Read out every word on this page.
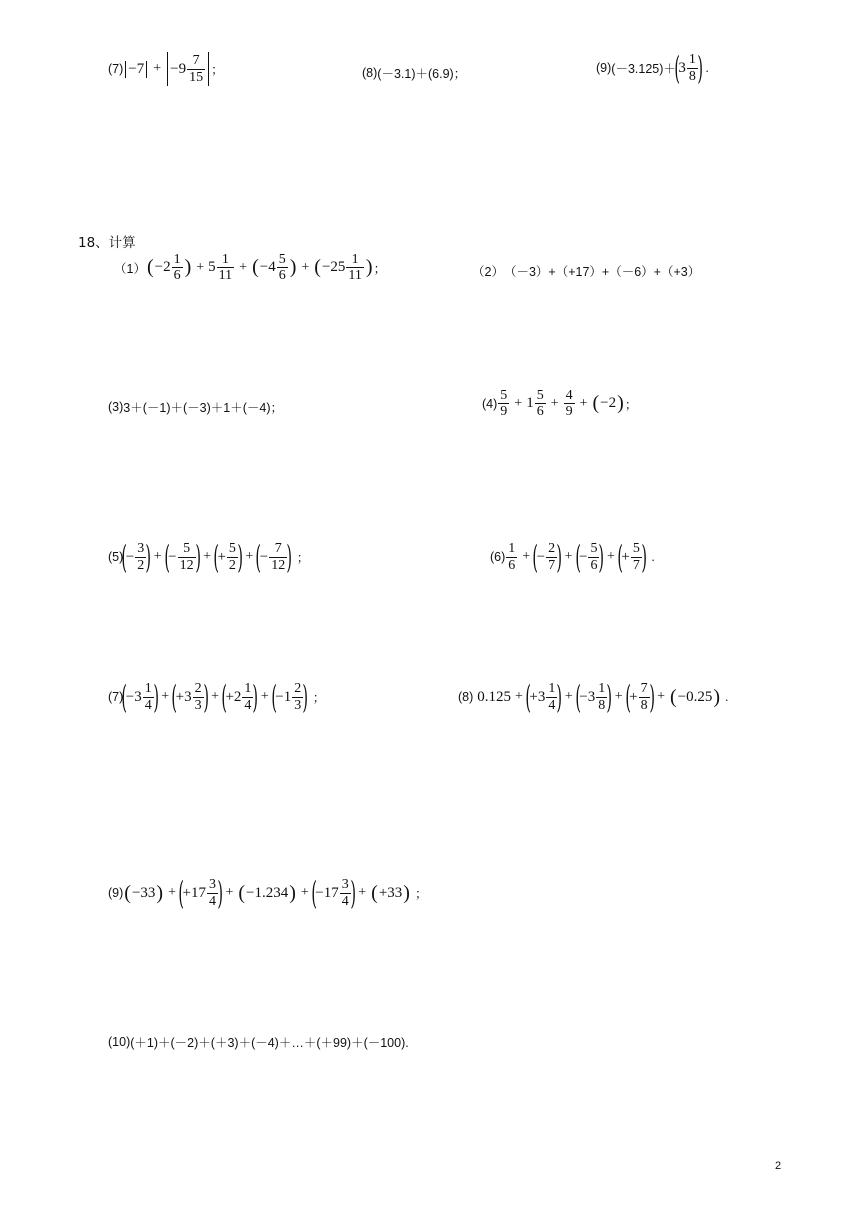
$(7) -7 + -9 \frac{7}{15}$ ；	(8) (－3.1)＋(6.9)；	(9) (－3.125)＋
(
$3 \frac{1}{8}$ ) .
18、计算
（1） ( $-2 \frac{1}{6}$ ) + $5 \frac{1}{11}$ + ( $-4 \frac{5}{6}$ ) + ( $-25 \frac{1}{11}$ ) ；	（2） （－3）+（+17）+（－6）+（+3）
(3) 3＋(－1)＋(－3)＋1＋(－4)；	$(4) \frac{5}{9} + 1 \frac{5}{6} + \frac{4}{9}$ + ( −2 ) ；
(5)
(
− $\frac{3}{2}$ ) + (
− $\frac{5}{12}$ ) + (
+ $\frac{5}{2}$ ) + (
− $\frac{7}{12}$ ) ；	$(6) \frac{1}{6}$ + (
− $\frac{2}{7}$ ) + (
− $\frac{5}{6}$ ) + (
+ $\frac{5}{7}$ ) .
(7)
(
$-3 \frac{1}{4}$ ) + (
$+3 \frac{2}{3}$ ) + (
$+2 \frac{1}{4}$ ) + (
$-1 \frac{2}{3}$ ) ；	(8) 0.125 + (
$+3 \frac{1}{4}$ ) + (
$-3 \frac{1}{8}$ ) + (
+ $\frac{7}{8}$ ) + ( −0.25 ) .
(9) ( −33 ) + (
$+17 \frac{3}{4}$ ) + ( −1.234 ) + (
$-17 \frac{3}{4}$ ) + ( +33 ) ；
(10) (＋1)＋(－2)＋(＋3)＋(－4)＋…＋(＋99)＋(－100).
2
